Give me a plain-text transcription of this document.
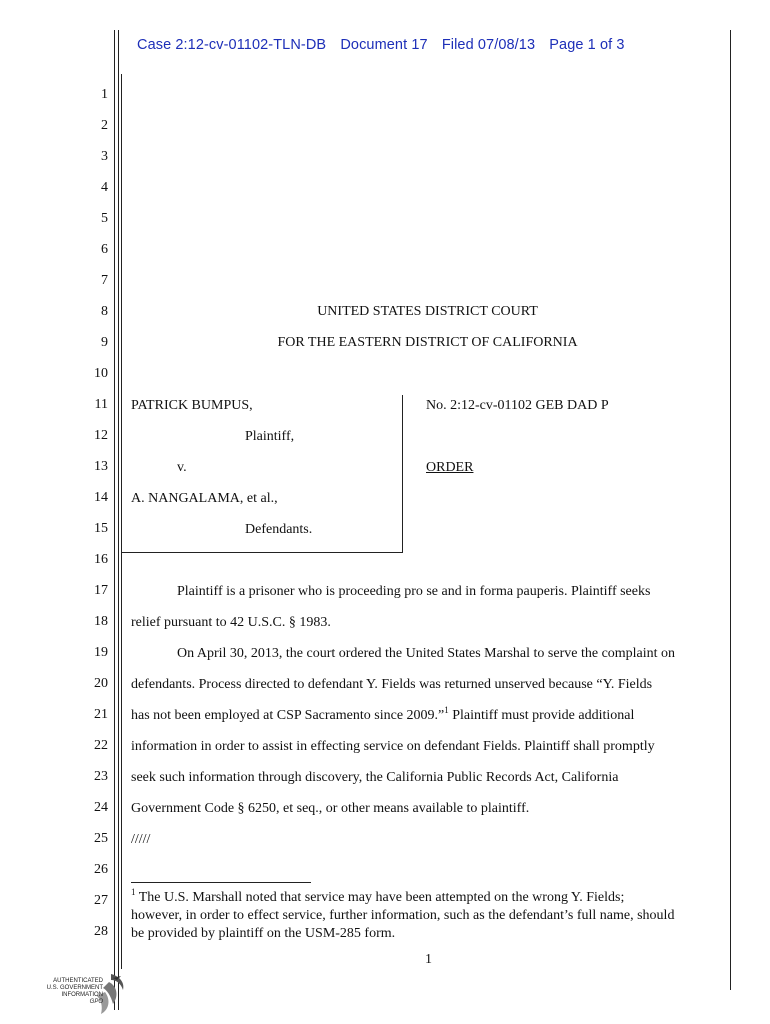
Case 2:12-cv-01102-TLN-DB Document 17 Filed 07/08/13 Page 1 of 3
1
2
3
4
5
6
7
8
9
10
11
12
13
14
15
16
17
18
19
20
21
22
23
24
25
26
27
28
UNITED STATES DISTRICT COURT
FOR THE EASTERN DISTRICT OF CALIFORNIA
PATRICK BUMPUS,
Plaintiff,
v.
A. NANGALAMA, et al.,
Defendants.
No. 2:12-cv-01102 GEB DAD P
ORDER
Plaintiff is a prisoner who is proceeding pro se and in forma pauperis. Plaintiff seeks
relief pursuant to 42 U.S.C. § 1983.
On April 30, 2013, the court ordered the United States Marshal to serve the complaint on
defendants. Process directed to defendant Y. Fields was returned unserved because “Y. Fields
has not been employed at CSP Sacramento since 2009.”$^1$ Plaintiff must provide additional
information in order to assist in effecting service on defendant Fields. Plaintiff shall promptly
seek such information through discovery, the California Public Records Act, California
Government Code § 6250, et seq., or other means available to plaintiff.
/////
$^1$ The U.S. Marshall noted that service may have been attempted on the wrong Y. Fields;
however, in order to effect service, further information, such as the defendant’s full name, should
be provided by plaintiff on the USM-285 form.
1
AUTHENTICATED
U.S. GOVERNMENT
INFORMATION
GPO
